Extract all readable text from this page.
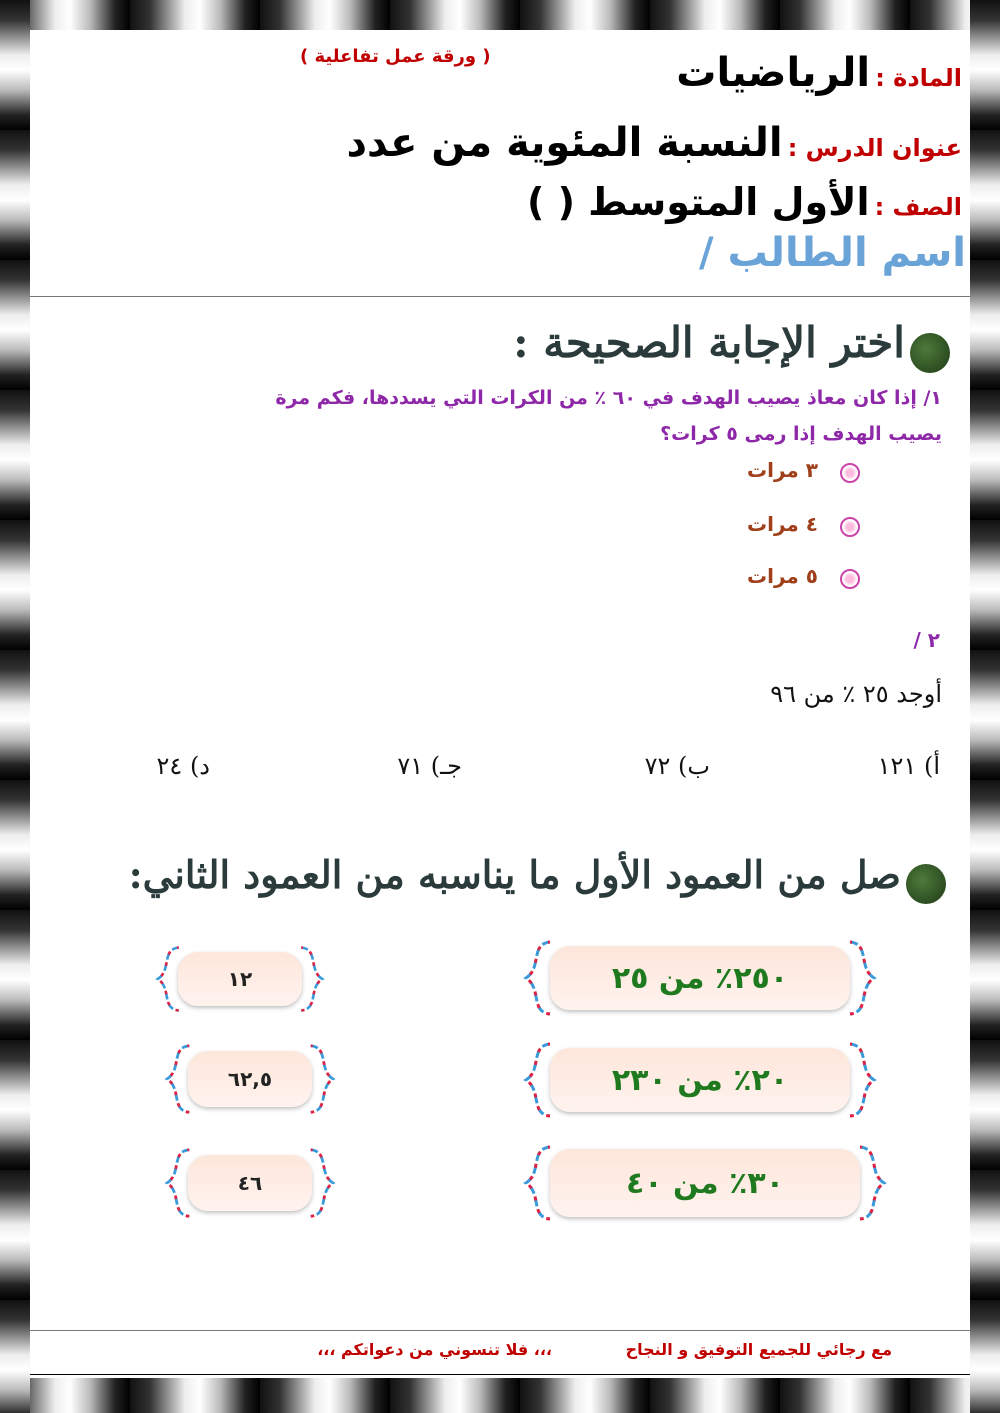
( ورقة عمل تفاعلية )
المادة : الرياضيات
عنوان الدرس : النسبة المئوية من عدد
الصف : الأول المتوسط ( )
اسم الطالب /
اختر الإجابة الصحيحة :
١/ إذا كان معاذ يصيب الهدف في ٦٠ ٪ من الكرات التي يسددها، فكم مرة
يصيب الهدف إذا رمى ٥ كرات؟
٣ مرات
٤ مرات
٥ مرات
٢ /
أوجد ٢٥ ٪ من ٩٦
أ) ١٢١
ب) ٧٢
جـ) ٧١
د) ٢٤
صل من العمود الأول ما يناسبه من العمود الثاني:
٢٥٠٪ من ٢٥
٢٠٪ من ٢٣٠
٣٠٪ من ٤٠
١٢
٦٢,٥
٤٦
مع رجائي للجميع التوفيق و النجاح
،،، فلا تنسوني من دعواتكم ،،،
